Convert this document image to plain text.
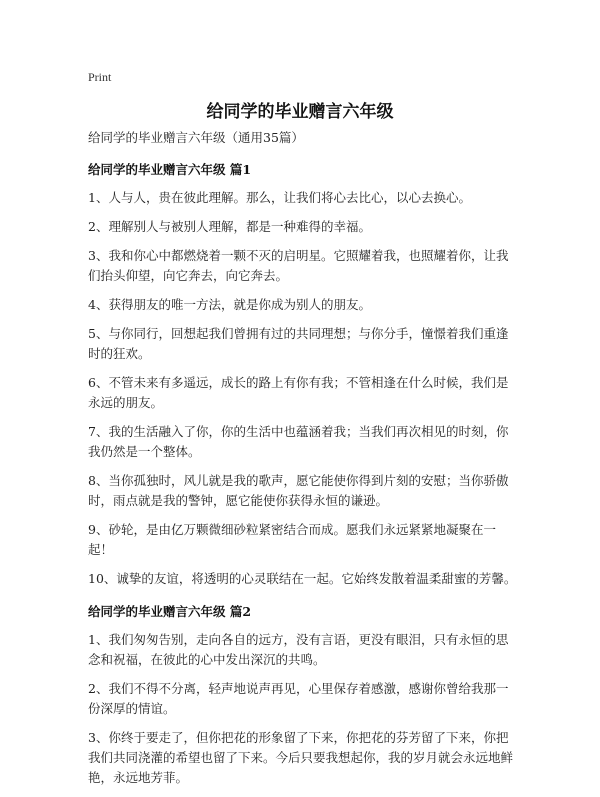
Print
给同学的毕业赠言六年级

给同学的毕业赠言六年级（通用35篇）

给同学的毕业赠言六年级 篇1

1、人与人，贵在彼此理解。那么，让我们将心去比心，以心去换心。

2、理解别人与被别人理解，都是一种难得的幸福。

3、我和你心中都燃烧着一颗不灭的启明星。它照耀着我，也照耀着你，让我们抬头仰望，向它奔去，向它奔去。

4、获得朋友的唯一方法，就是你成为别人的朋友。

5、与你同行，回想起我们曾拥有过的共同理想；与你分手，憧憬着我们重逢时的狂欢。

6、不管未来有多遥远，成长的路上有你有我；不管相逢在什么时候，我们是永远的朋友。

7、我的生活融入了你，你的生活中也蕴涵着我；当我们再次相见的时刻，你我仍然是一个整体。

8、当你孤独时，风儿就是我的歌声，愿它能使你得到片刻的安慰；当你骄傲时，雨点就是我的警钟，愿它能使你获得永恒的谦逊。

9、砂轮，是由亿万颗微细砂粒紧密结合而成。愿我们永远紧紧地凝聚在一起！

10、诚挚的友谊，将透明的心灵联结在一起。它始终发散着温柔甜蜜的芳馨。

给同学的毕业赠言六年级 篇2

1、我们匆匆告别，走向各自的远方，没有言语，更没有眼泪，只有永恒的思念和祝福，在彼此的心中发出深沉的共鸣。

2、我们不得不分离，轻声地说声再见，心里保存着感激，感谢你曾给我那一份深厚的情谊。

3、你终于要走了，但你把花的形象留了下来，你把花的芬芳留了下来，你把我们共同浇灌的希望也留了下来。今后只要我想起你，我的岁月就会永远地鲜艳，永远地芳菲。
